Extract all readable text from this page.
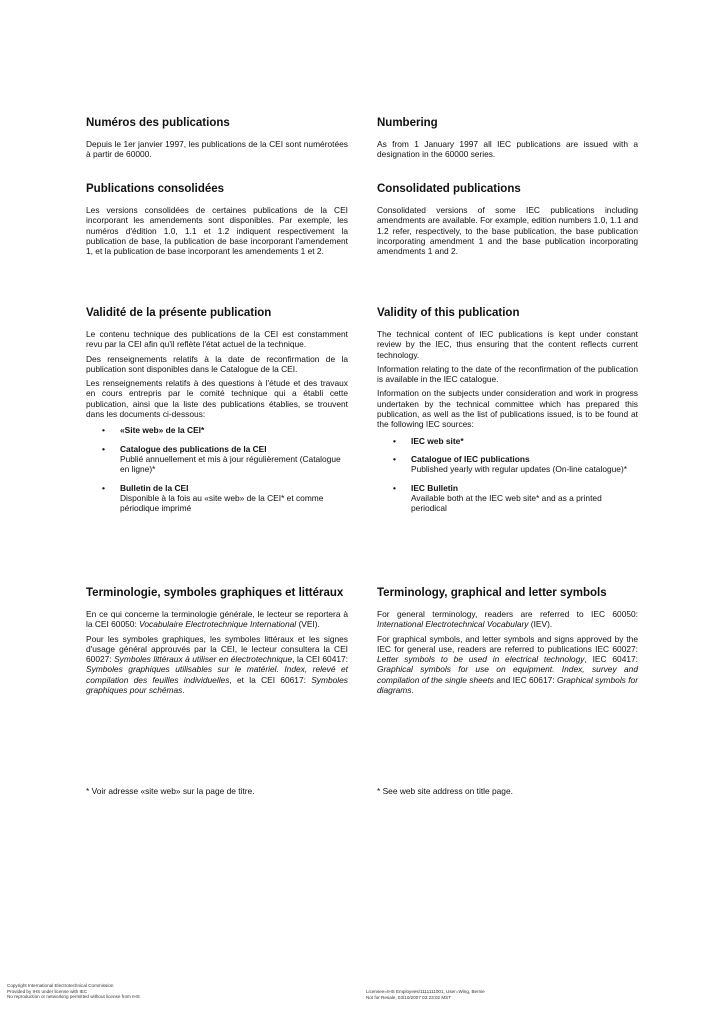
Numéros des publications
Depuis le 1er janvier 1997, les publications de la CEI sont numérotées à partir de 60000.
Publications consolidées
Les versions consolidées de certaines publications de la CEI incorporant les amendements sont disponibles. Par exemple, les numéros d'édition 1.0, 1.1 et 1.2 indiquent respectivement la publication de base, la publication de base incorporant l'amendement 1, et la publication de base incorporant les amendements 1 et 2.
Validité de la présente publication
Le contenu technique des publications de la CEI est constamment revu par la CEI afin qu'il reflète l'état actuel de la technique.
Des renseignements relatifs à la date de reconfirmation de la publication sont disponibles dans le Catalogue de la CEI.
Les renseignements relatifs à des questions à l'étude et des travaux en cours entrepris par le comité technique qui a établi cette publication, ainsi que la liste des publications établies, se trouvent dans les documents ci-dessous:
• «Site web» de la CEI*
• Catalogue des publications de la CEI
Publié annuellement et mis à jour régulièrement (Catalogue en ligne)*
• Bulletin de la CEI
Disponible à la fois au «site web» de la CEI* et comme périodique imprimé
Terminologie, symboles graphiques et littéraux
En ce qui concerne la terminologie générale, le lecteur se reportera à la CEI 60050: Vocabulaire Electrotechnique International (VEI).
Pour les symboles graphiques, les symboles littéraux et les signes d'usage général approuvés par la CEI, le lecteur consultera la CEI 60027: Symboles littéraux à utiliser en électrotechnique, la CEI 60417: Symboles graphiques utilisables sur le matériel. Index, relevé et compilation des feuilles individuelles, et la CEI 60617: Symboles graphiques pour schémas.
* Voir adresse «site web» sur la page de titre.
Numbering
As from 1 January 1997 all IEC publications are issued with a designation in the 60000 series.
Consolidated publications
Consolidated versions of some IEC publications including amendments are available. For example, edition numbers 1.0, 1.1 and 1.2 refer, respectively, to the base publication, the base publication incorporating amendment 1 and the base publication incorporating amendments 1 and 2.
Validity of this publication
The technical content of IEC publications is kept under constant review by the IEC, thus ensuring that the content reflects current technology.
Information relating to the date of the reconfirmation of the publication is available in the IEC catalogue.
Information on the subjects under consideration and work in progress undertaken by the technical committee which has prepared this publication, as well as the list of publications issued, is to be found at the following IEC sources:
• IEC web site*
• Catalogue of IEC publications
Published yearly with regular updates (On-line catalogue)*
• IEC Bulletin
Available both at the IEC web site* and as a printed periodical
Terminology, graphical and letter symbols
For general terminology, readers are referred to IEC 60050: International Electrotechnical Vocabulary (IEV).
For graphical symbols, and letter symbols and signs approved by the IEC for general use, readers are referred to publications IEC 60027: Letter symbols to be used in electrical technology, IEC 60417: Graphical symbols for use on equipment. Index, survey and compilation of the single sheets and IEC 60617: Graphical symbols for diagrams.
* See web site address on title page.
Copyright International Electrotechnical Commission
Provided by IHS under license with IEC
No reproduction or networking permitted without license from IHS
Licensee=IHS Employees/1111111001, User=Wing, Bernie
Not for Resale, 03/10/2007 03:23:02 MST
